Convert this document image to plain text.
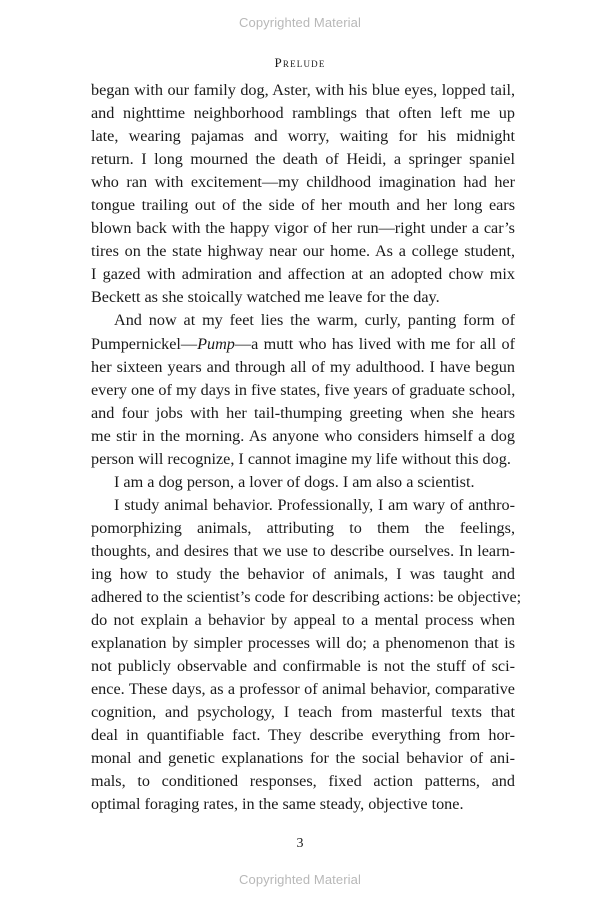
Copyrighted Material
Prelude
began with our family dog, Aster, with his blue eyes, lopped tail,
and nighttime neighborhood ramblings that often left me up
late, wearing pajamas and worry, waiting for his midnight
return. I long mourned the death of Heidi, a springer spaniel
who ran with excitement—my childhood imagination had her
tongue trailing out of the side of her mouth and her long ears
blown back with the happy vigor of her run—right under a car’s
tires on the state highway near our home. As a college student,
I gazed with admiration and affection at an adopted chow mix
Beckett as she stoically watched me leave for the day.
And now at my feet lies the warm, curly, panting form of
Pumpernickel—Pump—a mutt who has lived with me for all of
her sixteen years and through all of my adulthood. I have begun
every one of my days in five states, five years of graduate school,
and four jobs with her tail-thumping greeting when she hears
me stir in the morning. As anyone who considers himself a dog
person will recognize, I cannot imagine my life without this dog.
I am a dog person, a lover of dogs. I am also a scientist.
I study animal behavior. Professionally, I am wary of anthro-
pomorphizing animals, attributing to them the feelings,
thoughts, and desires that we use to describe ourselves. In learn-
ing how to study the behavior of animals, I was taught and
adhered to the scientist’s code for describing actions: be objective;
do not explain a behavior by appeal to a mental process when
explanation by simpler processes will do; a phenomenon that is
not publicly observable and confirmable is not the stuff of sci-
ence. These days, as a professor of animal behavior, comparative
cognition, and psychology, I teach from masterful texts that
deal in quantifiable fact. They describe everything from hor-
monal and genetic explanations for the social behavior of ani-
mals, to conditioned responses, fixed action patterns, and
optimal foraging rates, in the same steady, objective tone.
3
Copyrighted Material
